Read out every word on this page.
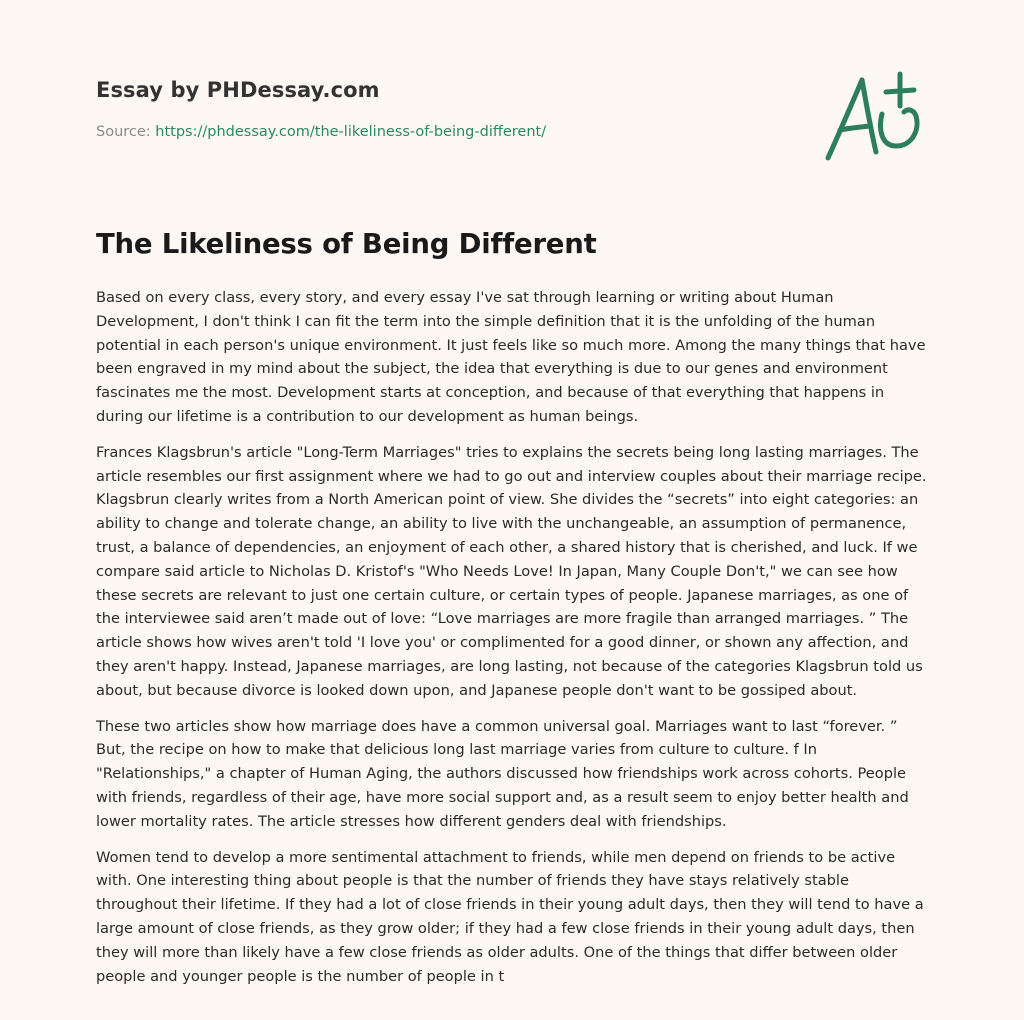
Essay by PHDessay.com
Source: https://phdessay.com/the-likeliness-of-being-different/
The Likeliness of Being Different

Based on every class, every story, and every essay I've sat through learning or writing about Human Development, I don't think I can fit the term into the simple definition that it is the unfolding of the human potential in each person's unique environment. It just feels like so much more. Among the many things that have been engraved in my mind about the subject, the idea that everything is due to our genes and environment fascinates me the most. Development starts at conception, and because of that everything that happens in during our lifetime is a contribution to our development as human beings.

Frances Klagsbrun's article "Long-Term Marriages" tries to explains the secrets being long lasting marriages. The article resembles our first assignment where we had to go out and interview couples about their marriage recipe. Klagsbrun clearly writes from a North American point of view. She divides the “secrets” into eight categories: an ability to change and tolerate change, an ability to live with the unchangeable, an assumption of permanence, trust, a balance of dependencies, an enjoyment of each other, a shared history that is cherished, and luck. If we compare said article to Nicholas D. Kristof's "Who Needs Love! In Japan, Many Couple Don't," we can see how these secrets are relevant to just one certain culture, or certain types of people. Japanese marriages, as one of the interviewee said aren’t made out of love: “Love marriages are more fragile than arranged marriages. ” The article shows how wives aren't told 'I love you' or complimented for a good dinner, or shown any affection, and they aren't happy. Instead, Japanese marriages, are long lasting, not because of the categories Klagsbrun told us about, but because divorce is looked down upon, and Japanese people don't want to be gossiped about.

These two articles show how marriage does have a common universal goal. Marriages want to last “forever. ” But, the recipe on how to make that delicious long last marriage varies from culture to culture. f In "Relationships," a chapter of Human Aging, the authors discussed how friendships work across cohorts. People with friends, regardless of their age, have more social support and, as a result seem to enjoy better health and lower mortality rates. The article stresses how different genders deal with friendships.

Women tend to develop a more sentimental attachment to friends, while men depend on friends to be active with. One interesting thing about people is that the number of friends they have stays relatively stable throughout their lifetime. If they had a lot of close friends in their young adult days, then they will tend to have a large amount of close friends, as they grow older; if they had a few close friends in their young adult days, then they will more than likely have a few close friends as older adults. One of the things that differ between older people and younger people is the number of people in t
